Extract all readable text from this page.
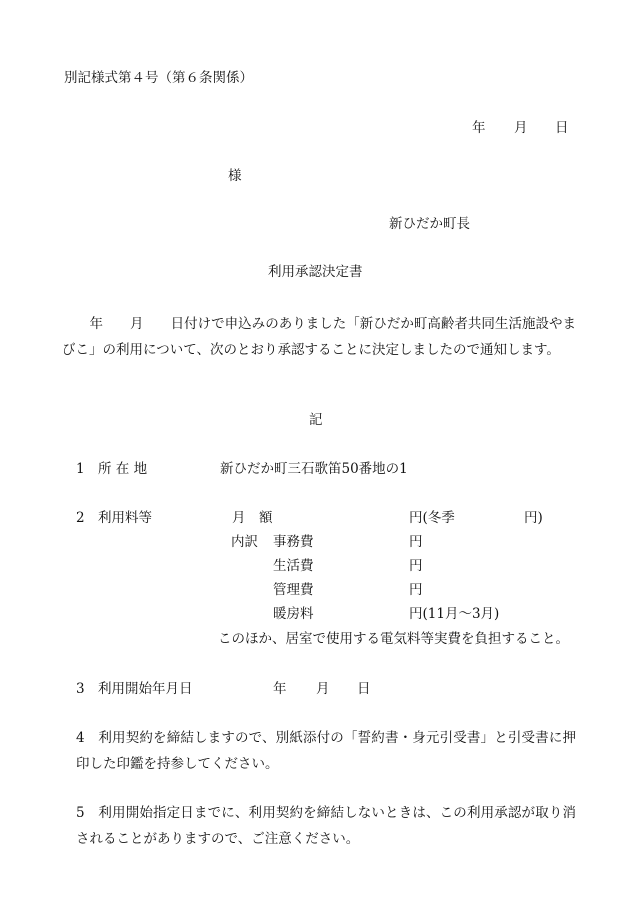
別記様式第４号（第６条関係）
年 月 日
様
新ひだか町長
利用承認決定書
　年　　月　　日付けで申込みのありました「新ひだか町高齢者共同生活施設やまびこ」の利用について、次のとおり承認することに決定しましたので通知します。
記
1 所 在 地	新ひだか町三石歌笛50番地の1
2 利用料等	月　額	円(冬季	円)
内訳 事務費	円
生活費	円
管理費	円
暖房料	円(11月～3月)
このほか、居室で使用する電気料等実費を負担すること。
3 利用開始年月日	年 月 日
4　利用契約を締結しますので、別紙添付の「誓約書・身元引受書」と引受書に押印した印鑑を持参してください。
5　利用開始指定日までに、利用契約を締結しないときは、この利用承認が取り消されることがありますので、ご注意ください。
